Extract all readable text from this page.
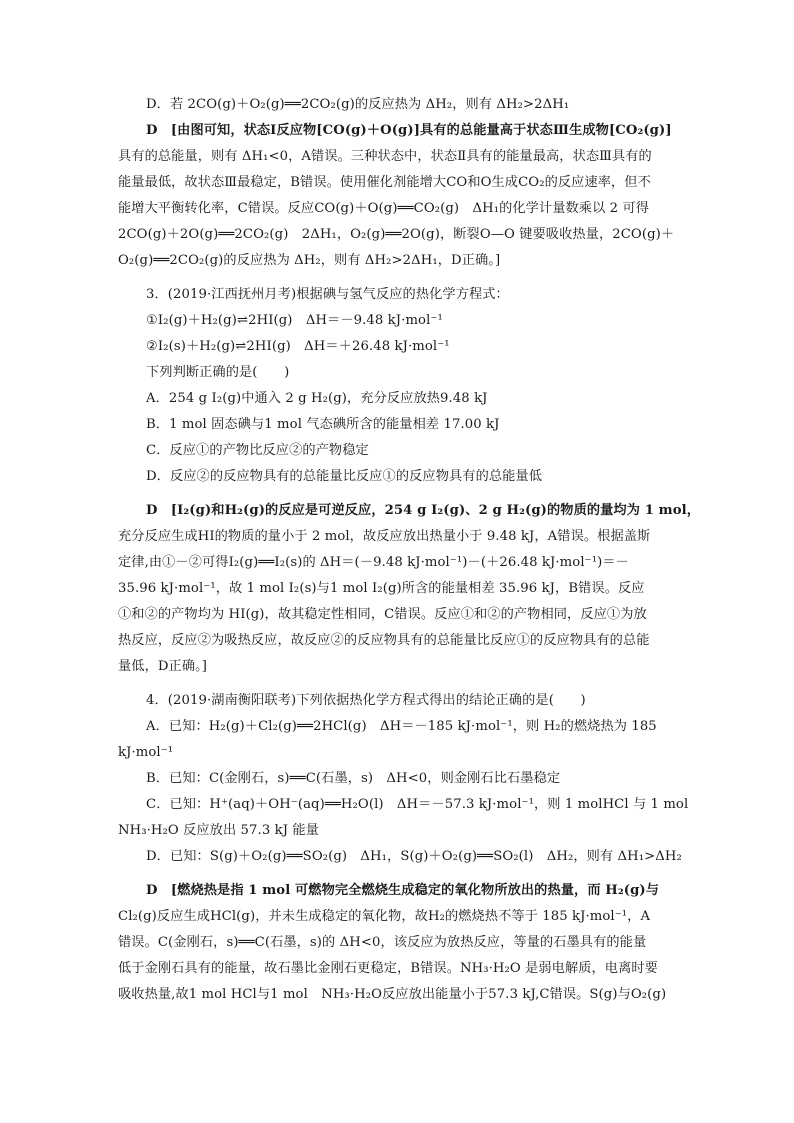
D．若 2CO(g)＋O₂(g)══2CO₂(g)的反应热为 ΔH₂，则有 ΔH₂>2ΔH₁
D　[由图可知，状态Ⅰ反应物[CO(g)＋O(g)]具有的总能量高于状态Ⅲ生成物[CO₂(g)]
具有的总能量，则有 ΔH₁<0，A错误。三种状态中，状态Ⅱ具有的能量最高，状态Ⅲ具有的
能量最低，故状态Ⅲ最稳定，B错误。使用催化剂能增大CO和O生成CO₂的反应速率，但不
能增大平衡转化率，C错误。反应CO(g)＋O(g)══CO₂(g)　ΔH₁的化学计量数乘以 2 可得
2CO(g)＋2O(g)══2CO₂(g)　2ΔH₁，O₂(g)══2O(g)，断裂O—O 键要吸收热量，2CO(g)＋
O₂(g)══2CO₂(g)的反应热为 ΔH₂，则有 ΔH₂>2ΔH₁，D正确。]
3．(2019·江西抚州月考)根据碘与氢气反应的热化学方程式：
①I₂(g)＋H₂(g)⇌2HI(g)　ΔH＝－9.48 kJ·mol⁻¹
②I₂(s)＋H₂(g)⇌2HI(g)　ΔH＝＋26.48 kJ·mol⁻¹
下列判断正确的是(　　)
A．254 g I₂(g)中通入 2 g H₂(g)，充分反应放热9.48 kJ
B．1 mol 固态碘与1 mol 气态碘所含的能量相差 17.00 kJ
C．反应①的产物比反应②的产物稳定
D．反应②的反应物具有的总能量比反应①的反应物具有的总能量低
D　[I₂(g)和H₂(g)的反应是可逆反应，254 g I₂(g)、2 g H₂(g)的物质的量均为 1 mol，
充分反应生成HI的物质的量小于 2 mol，故反应放出热量小于 9.48 kJ，A错误。根据盖斯
定律,由①－②可得I₂(g)══I₂(s)的 ΔH＝(－9.48 kJ·mol⁻¹)－(＋26.48 kJ·mol⁻¹)＝－
35.96 kJ·mol⁻¹，故 1 mol I₂(s)与1 mol I₂(g)所含的能量相差 35.96 kJ，B错误。反应
①和②的产物均为 HI(g)，故其稳定性相同，C错误。反应①和②的产物相同，反应①为放
热反应，反应②为吸热反应，故反应②的反应物具有的总能量比反应①的反应物具有的总能
量低，D正确。]
4．(2019·湖南衡阳联考)下列依据热化学方程式得出的结论正确的是(　　)
A．已知：H₂(g)＋Cl₂(g)══2HCl(g)　ΔH＝－185 kJ·mol⁻¹，则 H₂的燃烧热为 185
kJ·mol⁻¹
B．已知：C(金刚石，s)══C(石墨，s)　ΔH<0，则金刚石比石墨稳定
C．已知：H⁺(aq)＋OH⁻(aq)══H₂O(l)　ΔH＝－57.3 kJ·mol⁻¹，则 1 molHCl 与 1 mol
NH₃·H₂O 反应放出 57.3 kJ 能量
D．已知：S(g)＋O₂(g)══SO₂(g)　ΔH₁，S(g)＋O₂(g)══SO₂(l)　ΔH₂，则有 ΔH₁>ΔH₂
D　[燃烧热是指 1 mol 可燃物完全燃烧生成稳定的氧化物所放出的热量，而 H₂(g)与
Cl₂(g)反应生成HCl(g)，并未生成稳定的氧化物，故H₂的燃烧热不等于 185 kJ·mol⁻¹，A
错误。C(金刚石，s)══C(石墨，s)的 ΔH<0，该反应为放热反应，等量的石墨具有的能量
低于金刚石具有的能量，故石墨比金刚石更稳定，B错误。NH₃·H₂O 是弱电解质，电离时要
吸收热量,故1 mol HCl与1 mol　NH₃·H₂O反应放出能量小于57.3 kJ,C错误。S(g)与O₂(g)
